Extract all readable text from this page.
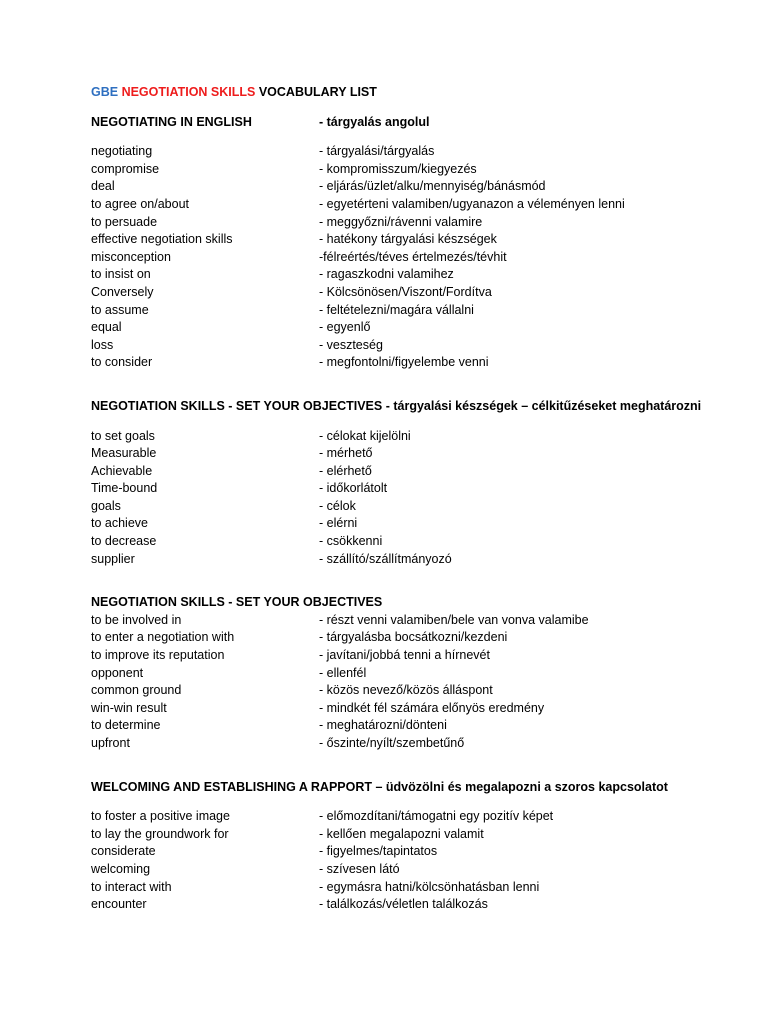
GBE NEGOTIATION SKILLS VOCABULARY LIST
NEGOTIATING IN ENGLISH	- tárgyalás angolul
negotiating	- tárgyalási/tárgyalás
compromise	- kompromisszum/kiegyezés
deal	- eljárás/üzlet/alku/mennyiség/bánásmód
to agree on/about	- egyetérteni valamiben/ugyanazon a véleményen lenni
to persuade	- meggyőzni/rávenni valamire
effective negotiation skills	- hatékony tárgyalási készségek
misconception	-félreértés/téves értelmezés/tévhit
to insist on	- ragaszkodni valamihez
Conversely	- Kölcsönösen/Viszont/Fordítva
to assume	- feltételezni/magára vállalni
equal	- egyenlő
loss	- veszteség
to consider	- megfontolni/figyelembe venni
NEGOTIATION SKILLS - SET YOUR OBJECTIVES - tárgyalási készségek – célkitűzéseket meghatározni
to set goals	- célokat kijelölni
Measurable	- mérhető
Achievable	- elérhető
Time-bound	- időkorlátolt
goals	- célok
to achieve	- elérni
to decrease	- csökkenni
supplier	- szállító/szállítmányozó
NEGOTIATION SKILLS - SET YOUR OBJECTIVES
to be involved in	- részt venni valamiben/bele van vonva valamibe
to enter a negotiation with	- tárgyalásba bocsátkozni/kezdeni
to improve its reputation	- javítani/jobbá tenni a hírnevét
opponent	- ellenfél
common ground	- közös nevező/közös álláspont
win-win result	- mindkét fél számára előnyös eredmény
to determine	- meghatározni/dönteni
upfront	- őszinte/nyílt/szembetűnő
WELCOMING AND ESTABLISHING A RAPPORT – üdvözölni és megalapozni a szoros kapcsolatot
to foster a positive image	- előmozdítani/támogatni egy pozitív képet
to lay the groundwork for	- kellően megalapozni valamit
considerate	- figyelmes/tapintatos
welcoming	- szívesen látó
to interact with	- egymásra hatni/kölcsönhatásban lenni
encounter	- találkozás/véletlen találkozás
